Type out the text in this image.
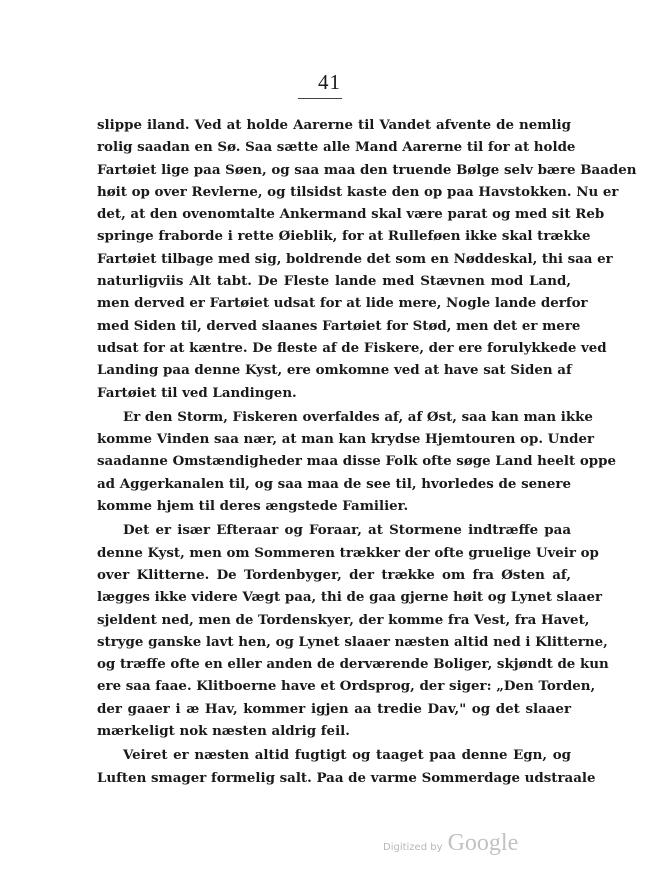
41
slippe iland. Ved at holde Aarerne til Vandet afvente de nemlig
rolig saadan en Sø. Saa sætte alle Mand Aarerne til for at holde
Fartøiet lige paa Søen, og saa maa den truende Bølge selv bære Baaden
høit op over Revlerne, og tilsidst kaste den op paa Havstokken. Nu er
det, at den ovenomtalte Ankermand skal være parat og med sit Reb
springe fraborde i rette Øieblik, for at Rulleføen ikke skal trække
Fartøiet tilbage med sig, boldrende det som en Nøddeskal, thi saa er
naturligviis Alt tabt. De Fleste lande med Stævnen mod Land,
men derved er Fartøiet udsat for at lide mere, Nogle lande derfor
med Siden til, derved slaanes Fartøiet for Stød, men det er mere
udsat for at kæntre. De fleste af de Fiskere, der ere forulykkede ved
Landing paa denne Kyst, ere omkomne ved at have sat Siden af
Fartøiet til ved Landingen.
Er den Storm, Fiskeren overfaldes af, af Øst, saa kan man ikke
komme Vinden saa nær, at man kan krydse Hjemtouren op. Under
saadanne Omstændigheder maa disse Folk ofte søge Land heelt oppe
ad Aggerkanalen til, og saa maa de see til, hvorledes de senere
komme hjem til deres ængstede Familier.
Det er især Efteraar og Foraar, at Stormene indtræffe paa
denne Kyst, men om Sommeren trækker der ofte gruelige Uveir op
over Klitterne. De Tordenbyger, der trække om fra Østen af,
lægges ikke videre Vægt paa, thi de gaa gjerne høit og Lynet slaaer
sjeldent ned, men de Tordenskyer, der komme fra Vest, fra Havet,
stryge ganske lavt hen, og Lynet slaaer næsten altid ned i Klitterne,
og træffe ofte en eller anden de derværende Boliger, skjøndt de kun
ere saa faae. Klitboerne have et Ordsprog, der siger: „Den Torden,
der gaaer i æ Hav, kommer igjen aa tredie Dav," og det slaaer
mærkeligt nok næsten aldrig feil.
Veiret er næsten altid fugtigt og taaget paa denne Egn, og
Luften smager formelig salt. Paa de varme Sommerdage udstraale
Digitized by Google
